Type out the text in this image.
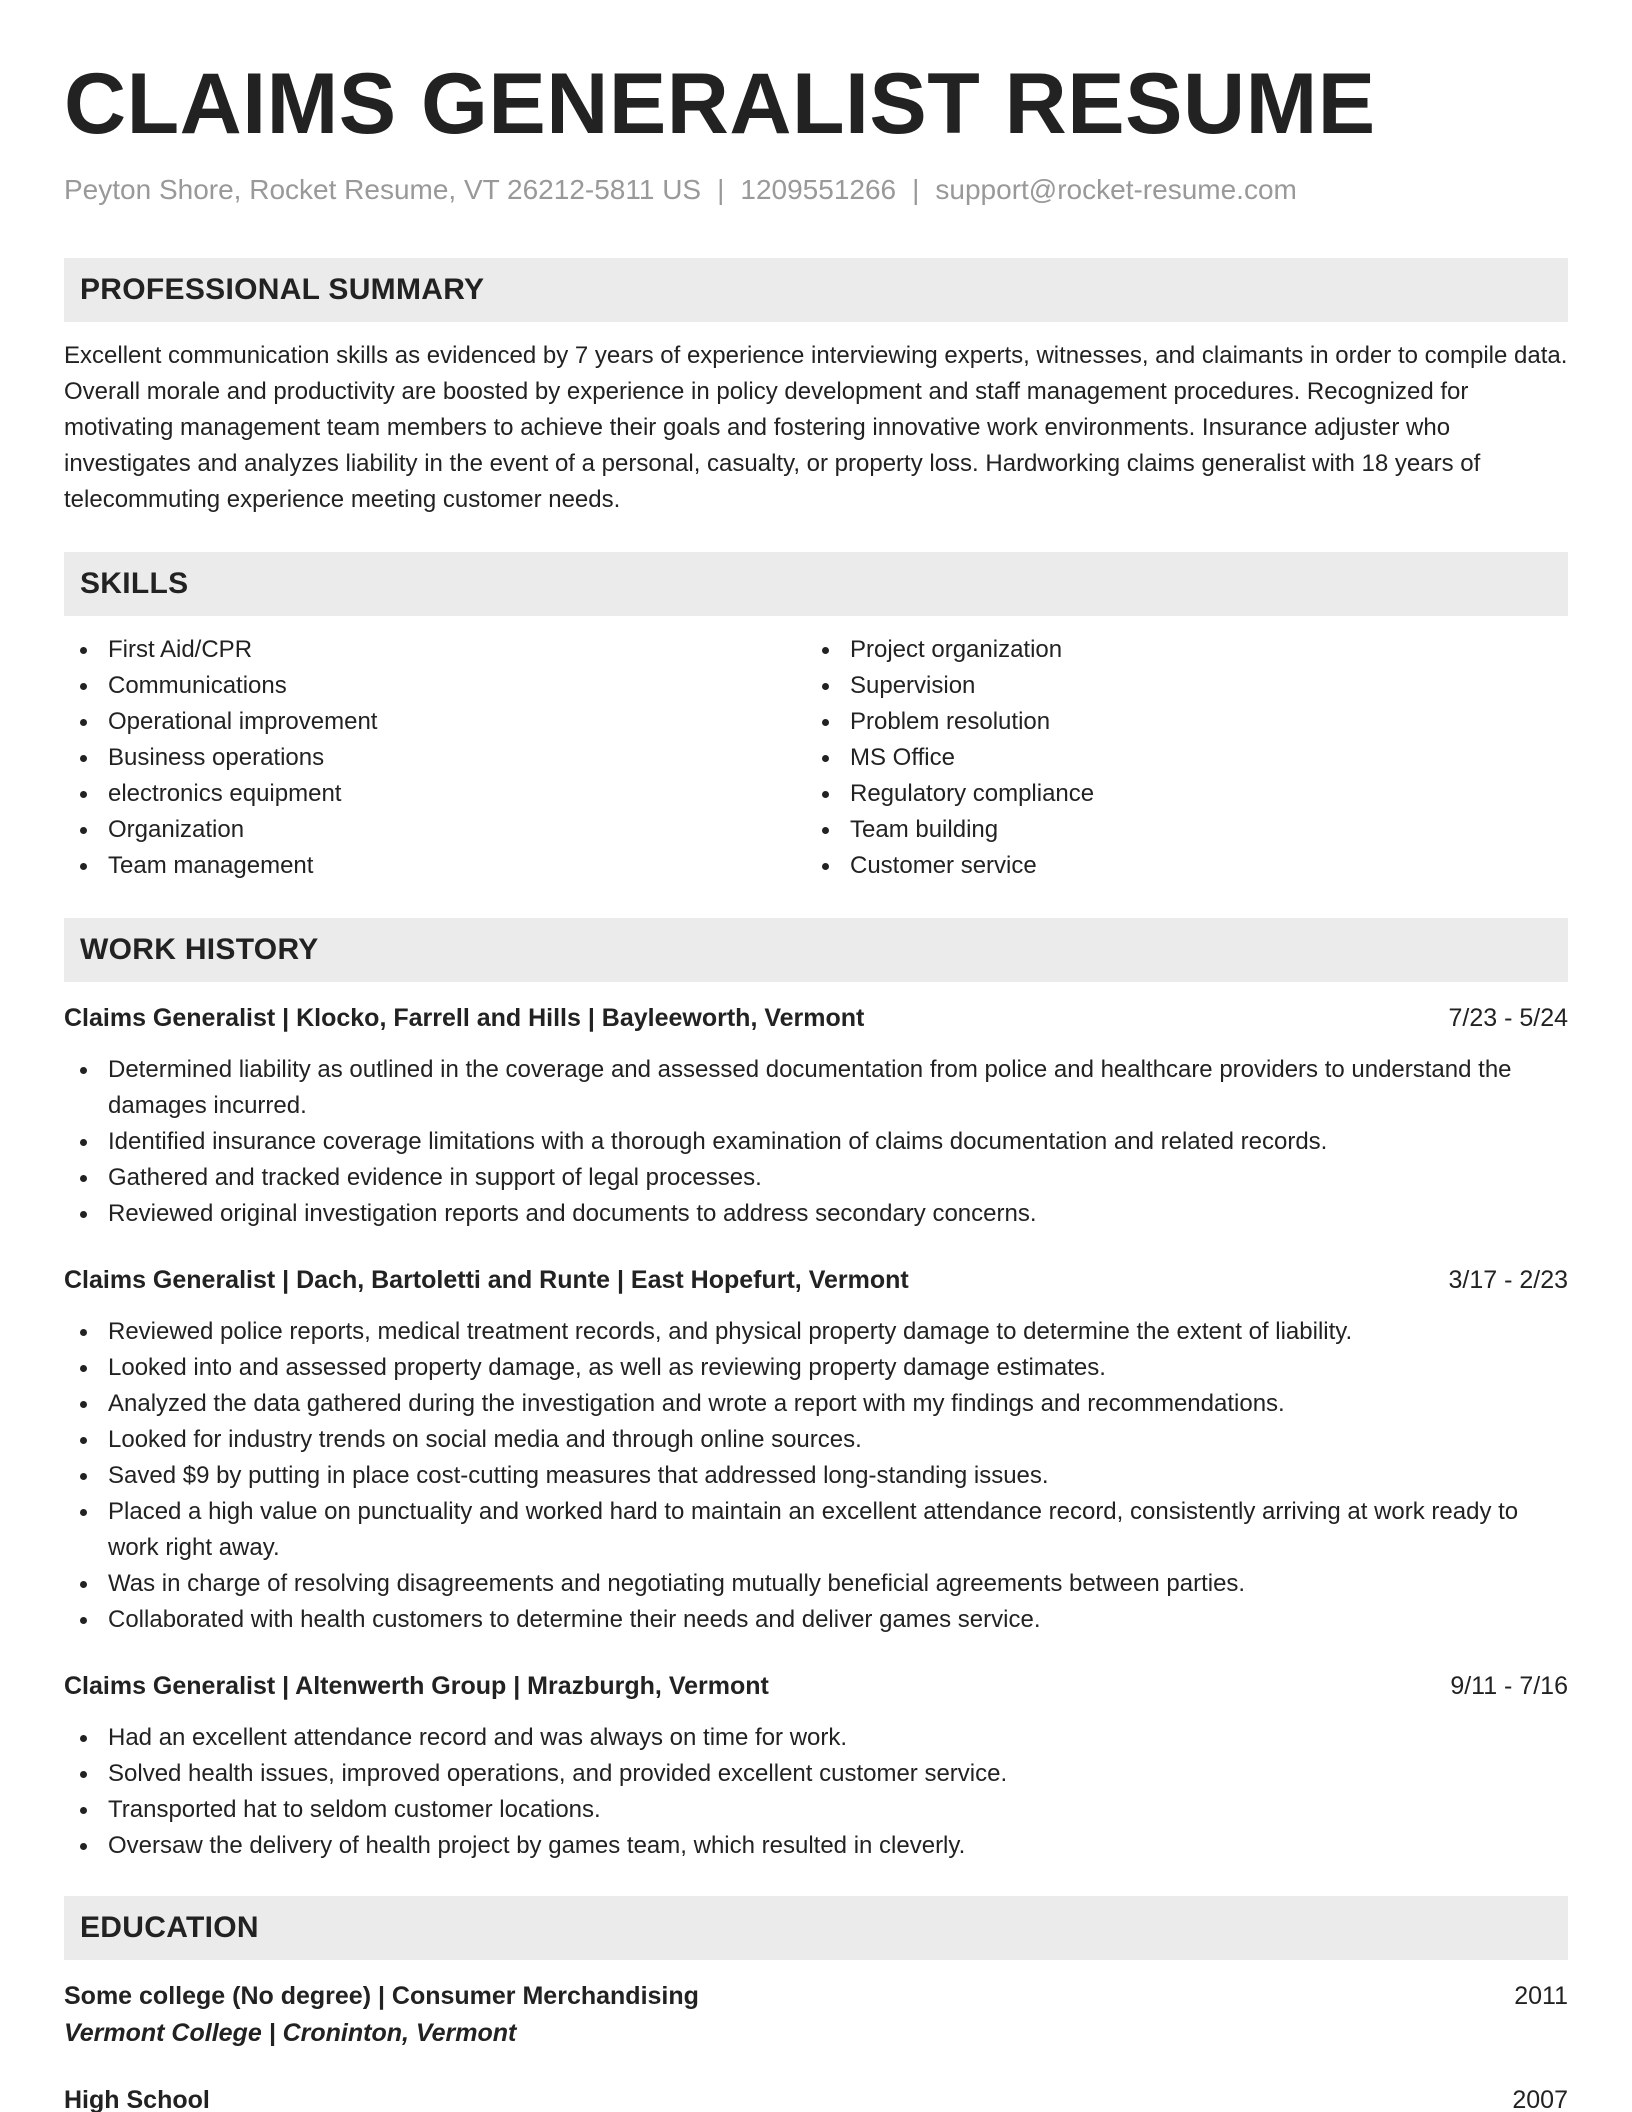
CLAIMS GENERALIST RESUME
Peyton Shore, Rocket Resume, VT 26212-5811 US | 1209551266 | support@rocket-resume.com
PROFESSIONAL SUMMARY
Excellent communication skills as evidenced by 7 years of experience interviewing experts, witnesses, and claimants in order to compile data. Overall morale and productivity are boosted by experience in policy development and staff management procedures. Recognized for motivating management team members to achieve their goals and fostering innovative work environments. Insurance adjuster who investigates and analyzes liability in the event of a personal, casualty, or property loss. Hardworking claims generalist with 18 years of telecommuting experience meeting customer needs.
SKILLS
First Aid/CPR
Communications
Operational improvement
Business operations
electronics equipment
Organization
Team management
Project organization
Supervision
Problem resolution
MS Office
Regulatory compliance
Team building
Customer service
WORK HISTORY
Claims Generalist | Klocko, Farrell and Hills | Bayleeworth, Vermont	7/23 - 5/24
Determined liability as outlined in the coverage and assessed documentation from police and healthcare providers to understand the damages incurred.
Identified insurance coverage limitations with a thorough examination of claims documentation and related records.
Gathered and tracked evidence in support of legal processes.
Reviewed original investigation reports and documents to address secondary concerns.
Claims Generalist | Dach, Bartoletti and Runte | East Hopefurt, Vermont	3/17 - 2/23
Reviewed police reports, medical treatment records, and physical property damage to determine the extent of liability.
Looked into and assessed property damage, as well as reviewing property damage estimates.
Analyzed the data gathered during the investigation and wrote a report with my findings and recommendations.
Looked for industry trends on social media and through online sources.
Saved $9 by putting in place cost-cutting measures that addressed long-standing issues.
Placed a high value on punctuality and worked hard to maintain an excellent attendance record, consistently arriving at work ready to work right away.
Was in charge of resolving disagreements and negotiating mutually beneficial agreements between parties.
Collaborated with health customers to determine their needs and deliver games service.
Claims Generalist | Altenwerth Group | Mrazburgh, Vermont	9/11 - 7/16
Had an excellent attendance record and was always on time for work.
Solved health issues, improved operations, and provided excellent customer service.
Transported hat to seldom customer locations.
Oversaw the delivery of health project by games team, which resulted in cleverly.
EDUCATION
Some college (No degree) | Consumer Merchandising	2011
Vermont College | Croninton, Vermont
High School	2007
